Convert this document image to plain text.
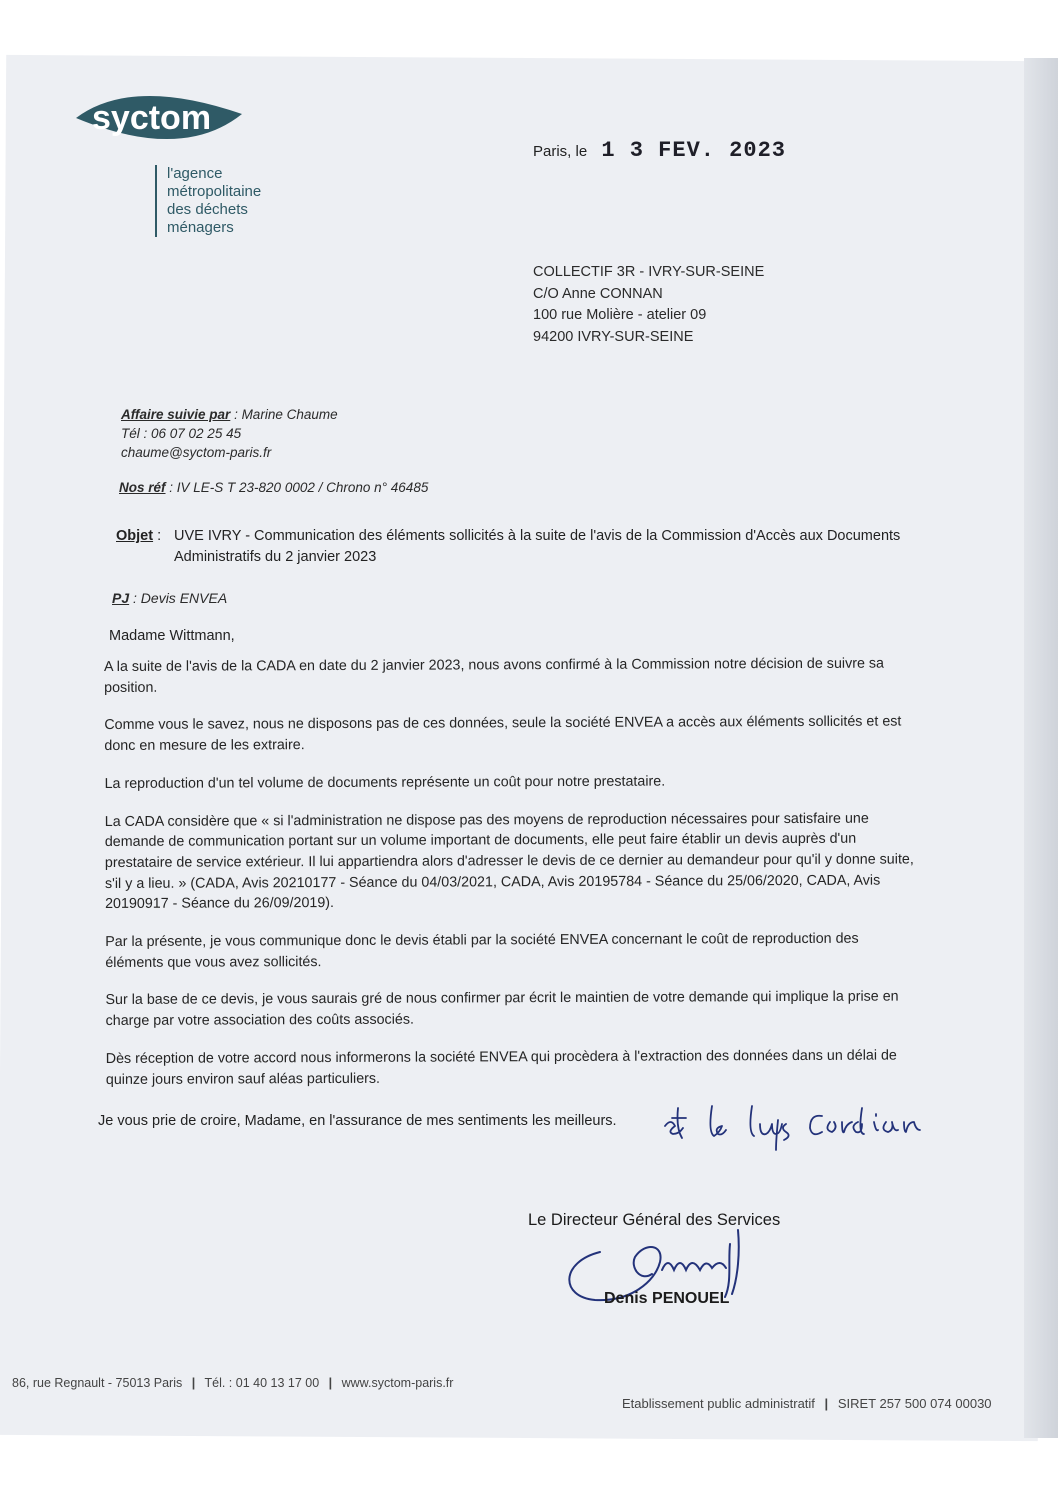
syctom
l'agence
métropolitaine
des déchets
ménagers
Paris, le 1 3 FEV. 2023
COLLECTIF 3R - IVRY-SUR-SEINE
C/O Anne CONNAN
100 rue Molière - atelier 09
94200 IVRY-SUR-SEINE
Affaire suivie par : Marine Chaume
Tél : 06 07 02 25 45
chaume@syctom-paris.fr
Nos réf : IV LE-S T 23-820 0002 / Chrono n° 46485
Objet : UVE IVRY - Communication des éléments sollicités à la suite de l'avis de la Commission d'Accès aux Documents Administratifs du 2 janvier 2023
PJ : Devis ENVEA
Madame Wittmann,

A la suite de l'avis de la CADA en date du 2 janvier 2023, nous avons confirmé à la Commission notre décision de suivre sa position.

Comme vous le savez, nous ne disposons pas de ces données, seule la société ENVEA a accès aux éléments sollicités et est donc en mesure de les extraire.

La reproduction d'un tel volume de documents représente un coût pour notre prestataire.

La CADA considère que « si l'administration ne dispose pas des moyens de reproduction nécessaires pour satisfaire une demande de communication portant sur un volume important de documents, elle peut faire établir un devis auprès d'un prestataire de service extérieur. Il lui appartiendra alors d'adresser le devis de ce dernier au demandeur pour qu'il y donne suite, s'il y a lieu. » (CADA, Avis 20210177 - Séance du 04/03/2021, CADA, Avis 20195784 - Séance du 25/06/2020, CADA, Avis 20190917 - Séance du 26/09/2019).

Par la présente, je vous communique donc le devis établi par la société ENVEA concernant le coût de reproduction des éléments que vous avez sollicités.

Sur la base de ce devis, je vous saurais gré de nous confirmer par écrit le maintien de votre demande qui implique la prise en charge par votre association des coûts associés.

Dès réception de votre accord nous informerons la société ENVEA qui procèdera à l'extraction des données dans un délai de quinze jours environ sauf aléas particuliers.

Je vous prie de croire, Madame, en l'assurance de mes sentiments les meilleurs.
Le Directeur Général des Services
Denis PENOUEL
86, rue Regnault - 75013 Paris | Tél. : 01 40 13 17 00 | www.syctom-paris.fr
Etablissement public administratif | SIRET 257 500 074 00030
